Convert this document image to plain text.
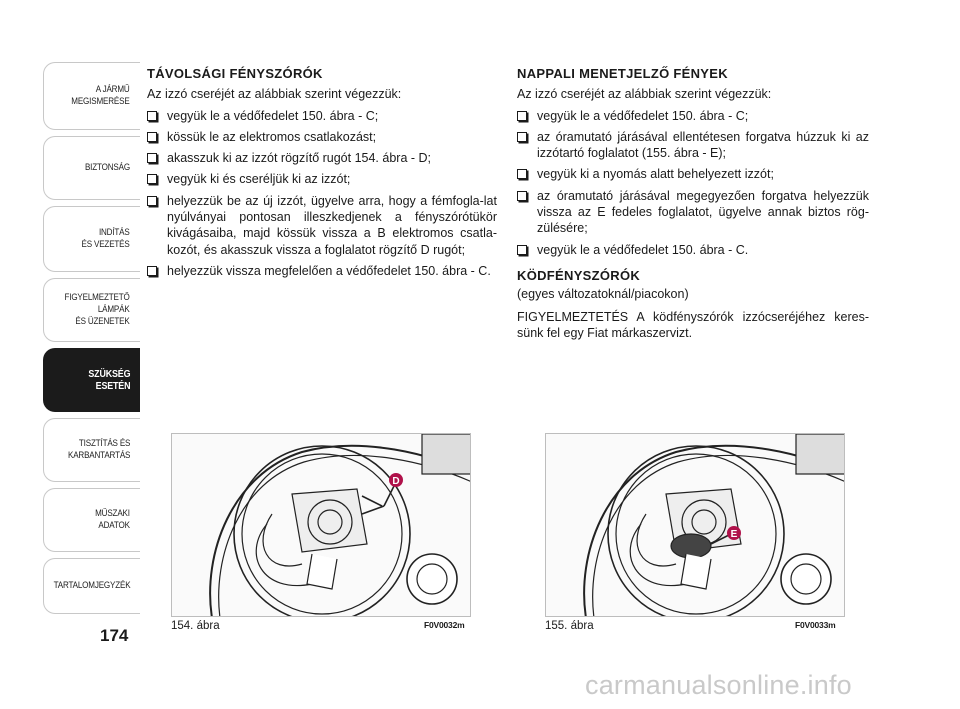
A JÁRMŰ
MEGISMERÉSE
BIZTONSÁG
INDÍTÁS
ÉS VEZETÉS
FIGYELMEZTETŐ
LÁMPÁK
ÉS ÜZENETEK
SZÜKSÉG
ESETÉN
TISZTÍTÁS ÉS
KARBANTARTÁS
MŰSZAKI
ADATOK
TARTALOMJEGYZÉK
174
TÁVOLSÁGI FÉNYSZÓRÓK
Az izzó cseréjét az alábbiak szerint végezzük:
vegyük le a védőfedelet 150. ábra - C;
kössük le az elektromos csatlakozást;
akasszuk ki az izzót rögzítő rugót 154. ábra - D;
vegyük ki és cseréljük ki az izzót;
helyezzük be az új izzót, ügyelve arra, hogy a fémfogla-lat nyúlványai pontosan illeszkedjenek a fényszórótükör kivágásaiba, majd kössük vissza a B elektromos csatla-kozót, és akasszuk vissza a foglalatot rögzítő D rugót;
helyezzük vissza megfelelően a védőfedelet 150. ábra - C.
NAPPALI MENETJELZŐ FÉNYEK
Az izzó cseréjét az alábbiak szerint végezzük:
vegyük le a védőfedelet 150. ábra - C;
az óramutató járásával ellentétesen forgatva húzzuk ki az izzótartó foglalatot (155. ábra - E);
vegyük ki a nyomás alatt behelyezett izzót;
az óramutató járásával megegyezően forgatva helyezzük vissza az E fedeles foglalatot, ügyelve annak biztos rög-zülésére;
vegyük le a védőfedelet 150. ábra - C.
KÖDFÉNYSZÓRÓK
(egyes változatoknál/piacokon)
FIGYELMEZTETÉS A ködfényszórók izzócseréjéhez keres-sünk fel egy Fiat márkaszervizt.
D
154. ábra	F0V0032m
E
155. ábra	F0V0033m
carmanualsonline.info
